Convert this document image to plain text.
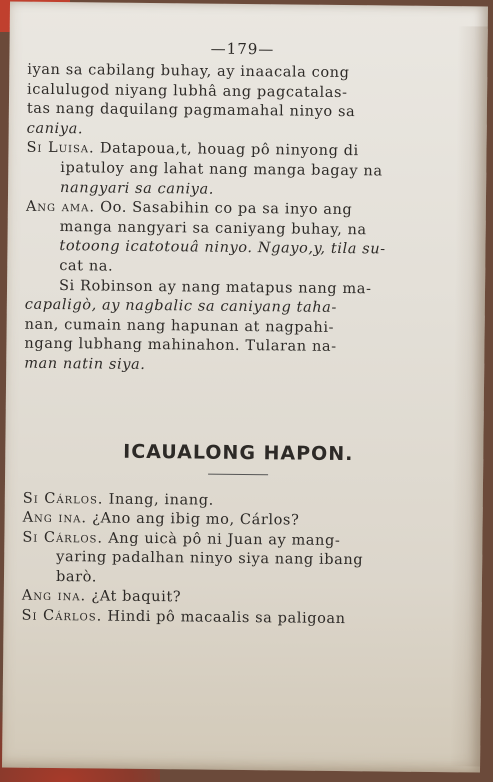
—179—
iyan sa cabilang buhay, ay inaacala cong
icalulugod niyang lubhâ ang pagcatalas-
tas nang daquilang pagmamahal ninyo sa
caniya.
Si Luisa. Datapoua,t, houag pô ninyong di
ipatuloy ang lahat nang manga bagay na
nangyari sa caniya.
Ang ama. Oo. Sasabihin co pa sa inyo ang
manga nangyari sa caniyang buhay, na
totoong icatotouâ ninyo. Ñgayo,y, tila su-
cat na.
Si Robinson ay nang matapus nang ma-
capaligò, ay nagbalic sa caniyang taha-
nan, cumain nang hapunan at nagpahi-
ngang lubhang mahinahon. Tularan na-
man natin siya.
ICAUALONG HAPON.
Si Cárlos. Inang, inang.
Ang ina. ¿Ano ang ibig mo, Cárlos?
Si Cárlos. Ang uicà pô ni Juan ay mang-
yaring padalhan ninyo siya nang ibang
barò.
Ang ina. ¿At baquit?
Si Cárlos. Hindi pô macaalis sa paligoan
